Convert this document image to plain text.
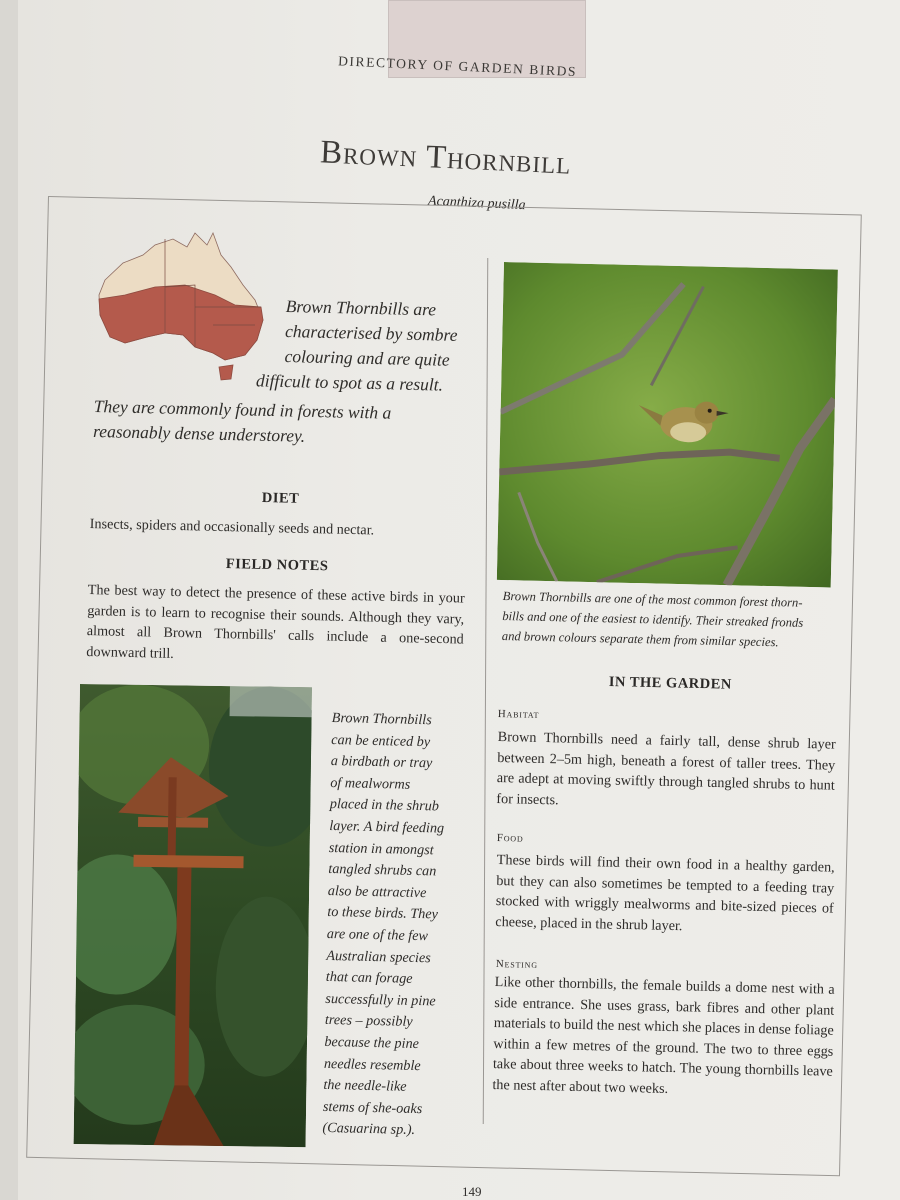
DIRECTORY OF GARDEN BIRDS
Brown Thornbill
Acanthiza pusilla
Brown Thornbills are
characterised by sombre
colouring and are quite
difficult to spot as a result.
They are commonly found in forests with a
reasonably dense understorey.
DIET
Insects, spiders and occasionally seeds and nectar.
FIELD NOTES
The best way to detect the presence of these active birds in your garden is to learn to recognise their sounds. Although they vary, almost all Brown Thornbills' calls include a one-second downward trill.
Brown Thornbills
can be enticed by
a birdbath or tray
of mealworms
placed in the shrub
layer. A bird feeding
station in amongst
tangled shrubs can
also be attractive
to these birds. They
are one of the few
Australian species
that can forage
successfully in pine
trees – possibly
because the pine
needles resemble
the needle-like
stems of she-oaks
(Casuarina sp.).
Brown Thornbills are one of the most common forest thorn-
bills and one of the easiest to identify. Their streaked fronds
and brown colours separate them from similar species.
IN THE GARDEN
Habitat
Brown Thornbills need a fairly tall, dense shrub layer between 2–5m high, beneath a forest of taller trees. They are adept at moving swiftly through tangled shrubs to hunt for insects.
Food
These birds will find their own food in a healthy garden, but they can also sometimes be tempted to a feeding tray stocked with wriggly mealworms and bite-sized pieces of cheese, placed in the shrub layer.
Nesting
Like other thornbills, the female builds a dome nest with a side entrance. She uses grass, bark fibres and other plant materials to build the nest which she places in dense foliage within a few metres of the ground. The two to three eggs take about three weeks to hatch. The young thornbills leave the nest after about two weeks.
149
